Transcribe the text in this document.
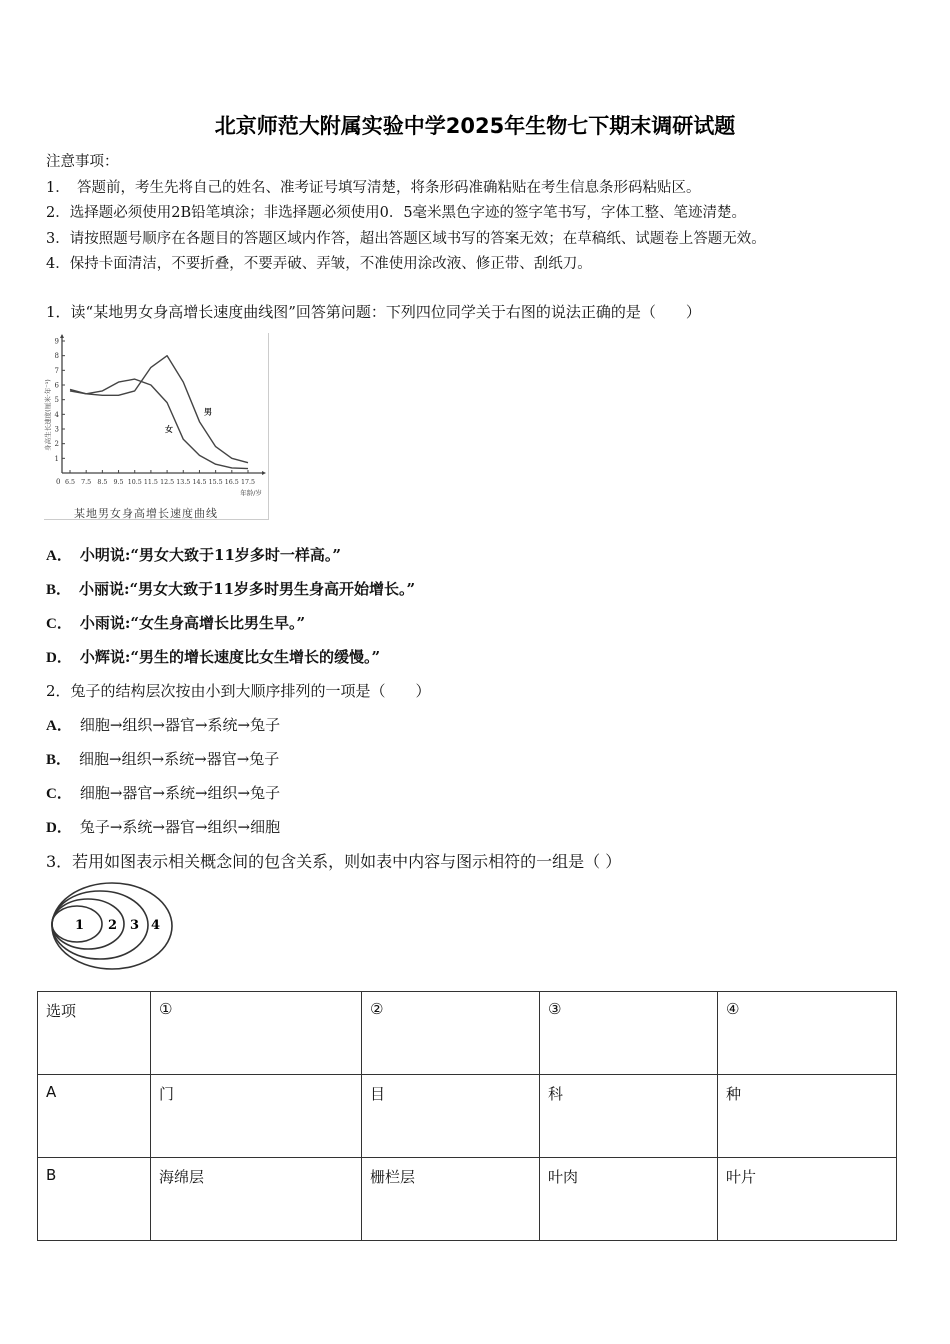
北京师范大附属实验中学2025年生物七下期末调研试题
注意事项：
1．　答题前，考生先将自己的姓名、准考证号填写清楚，将条形码准确粘贴在考生信息条形码粘贴区。
2．选择题必须使用2B铅笔填涂；非选择题必须使用0．5毫米黑色字迹的签字笔书写，字体工整、笔迹清楚。
3．请按照题号顺序在各题目的答题区域内作答，超出答题区域书写的答案无效；在草稿纸、试题卷上答题无效。
4．保持卡面清洁，不要折叠，不要弄破、弄皱，不准使用涂改液、修正带、刮纸刀。
1．读“某地男女身高增长速度曲线图”回答第问题：下列四位同学关于右图的说法正确的是（　　）
1
2
3
4
5
6
7
8
9
身高生长速度(厘米·年⁻¹)
0 6.5 7.5 8.5 9.5 10.5 11.5 12.5 13.5 14.5 15.5 16.5 17.5
年龄/岁
男
女
某地男女身高增长速度曲线
A． 小明说:“男女大致于11岁多时一样高。”
B． 小丽说:“男女大致于11岁多时男生身高开始增长。”
C． 小雨说:“女生身高增长比男生早。”
D． 小辉说:“男生的增长速度比女生增长的缓慢。”
2．兔子的结构层次按由小到大顺序排列的一项是（　　）
A． 细胞→组织→器官→系统→兔子
B． 细胞→组织→系统→器官→兔子
C． 细胞→器官→系统→组织→兔子
D． 兔子→系统→器官→组织→细胞
3．若用如图表示相关概念间的包含关系，则如表中内容与图示相符的一组是（ ）
1 2 3 4
选项	①	②	③	④
A	门	目	科	种
B	海绵层	栅栏层	叶肉	叶片
